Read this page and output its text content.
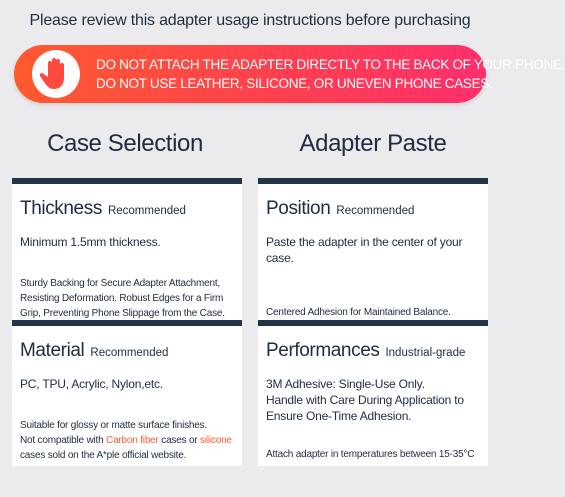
Please review this adapter usage instructions before purchasing
DO NOT ATTACH THE ADAPTER DIRECTLY TO THE BACK OF YOUR PHONE.
DO NOT USE LEATHER, SILICONE, OR UNEVEN PHONE CASES.
Case Selection	Adapter Paste
Thickness Recommended
Minimum 1.5mm thickness.
Sturdy Backing for Secure Adapter Attachment, Resisting Deformation. Robust Edges for a Firm Grip, Preventing Phone Slippage from the Case.
Position Recommended
Paste the adapter in the center of your case.
Centered Adhesion for Maintained Balance.
Material Recommended
PC, TPU, Acrylic, Nylon,etc.
Suitable for glossy or matte surface finishes.
Not compatible with Carbon fiber cases or silicone cases sold on the A*ple official website.
Performances Industrial-grade
3M Adhesive: Single-Use Only.
Handle with Care During Application to Ensure One-Time Adhesion.
Attach adapter in temperatures between 15-35°C
